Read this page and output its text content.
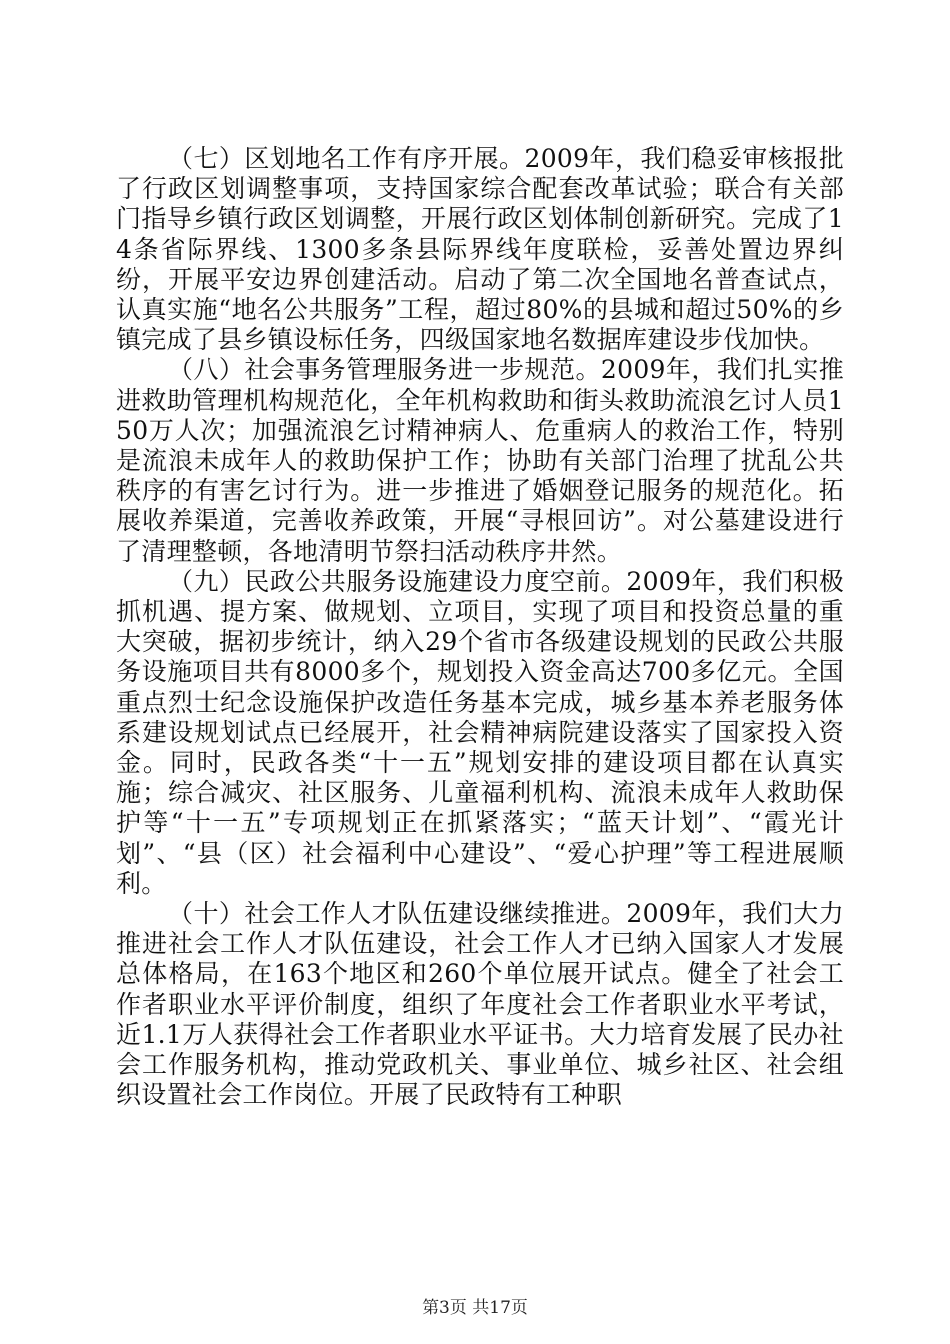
（七）区划地名工作有序开展。2009年，我们稳妥审核报批了行政区划调整事项，支持国家综合配套改革试验；联合有关部门指导乡镇行政区划调整，开展行政区划体制创新研究。完成了14条省际界线、1300多条县际界线年度联检，妥善处置边界纠纷，开展平安边界创建活动。启动了第二次全国地名普查试点，认真实施“地名公共服务”工程，超过80%的县城和超过50%的乡镇完成了县乡镇设标任务，四级国家地名数据库建设步伐加快。

（八）社会事务管理服务进一步规范。2009年，我们扎实推进救助管理机构规范化，全年机构救助和街头救助流浪乞讨人员150万人次；加强流浪乞讨精神病人、危重病人的救治工作，特别是流浪未成年人的救助保护工作；协助有关部门治理了扰乱公共秩序的有害乞讨行为。进一步推进了婚姻登记服务的规范化。拓展收养渠道，完善收养政策，开展“寻根回访”。对公墓建设进行了清理整顿，各地清明节祭扫活动秩序井然。

（九）民政公共服务设施建设力度空前。2009年，我们积极抓机遇、提方案、做规划、立项目，实现了项目和投资总量的重大突破，据初步统计，纳入29个省市各级建设规划的民政公共服务设施项目共有8000多个，规划投入资金高达700多亿元。全国重点烈士纪念设施保护改造任务基本完成，城乡基本养老服务体系建设规划试点已经展开，社会精神病院建设落实了国家投入资金。同时，民政各类“十一五”规划安排的建设项目都在认真实施；综合减灾、社区服务、儿童福利机构、流浪未成年人救助保护等“十一五”专项规划正在抓紧落实；“蓝天计划”、“霞光计划”、“县（区）社会福利中心建设”、“爱心护理”等工程进展顺利。

（十）社会工作人才队伍建设继续推进。2009年，我们大力推进社会工作人才队伍建设，社会工作人才已纳入国家人才发展总体格局，在163个地区和260个单位展开试点。健全了社会工作者职业水平评价制度，组织了年度社会工作者职业水平考试，近1.1万人获得社会工作者职业水平证书。大力培育发展了民办社会工作服务机构，推动党政机关、事业单位、城乡社区、社会组织设置社会工作岗位。开展了民政特有工种职

第3页 共17页
